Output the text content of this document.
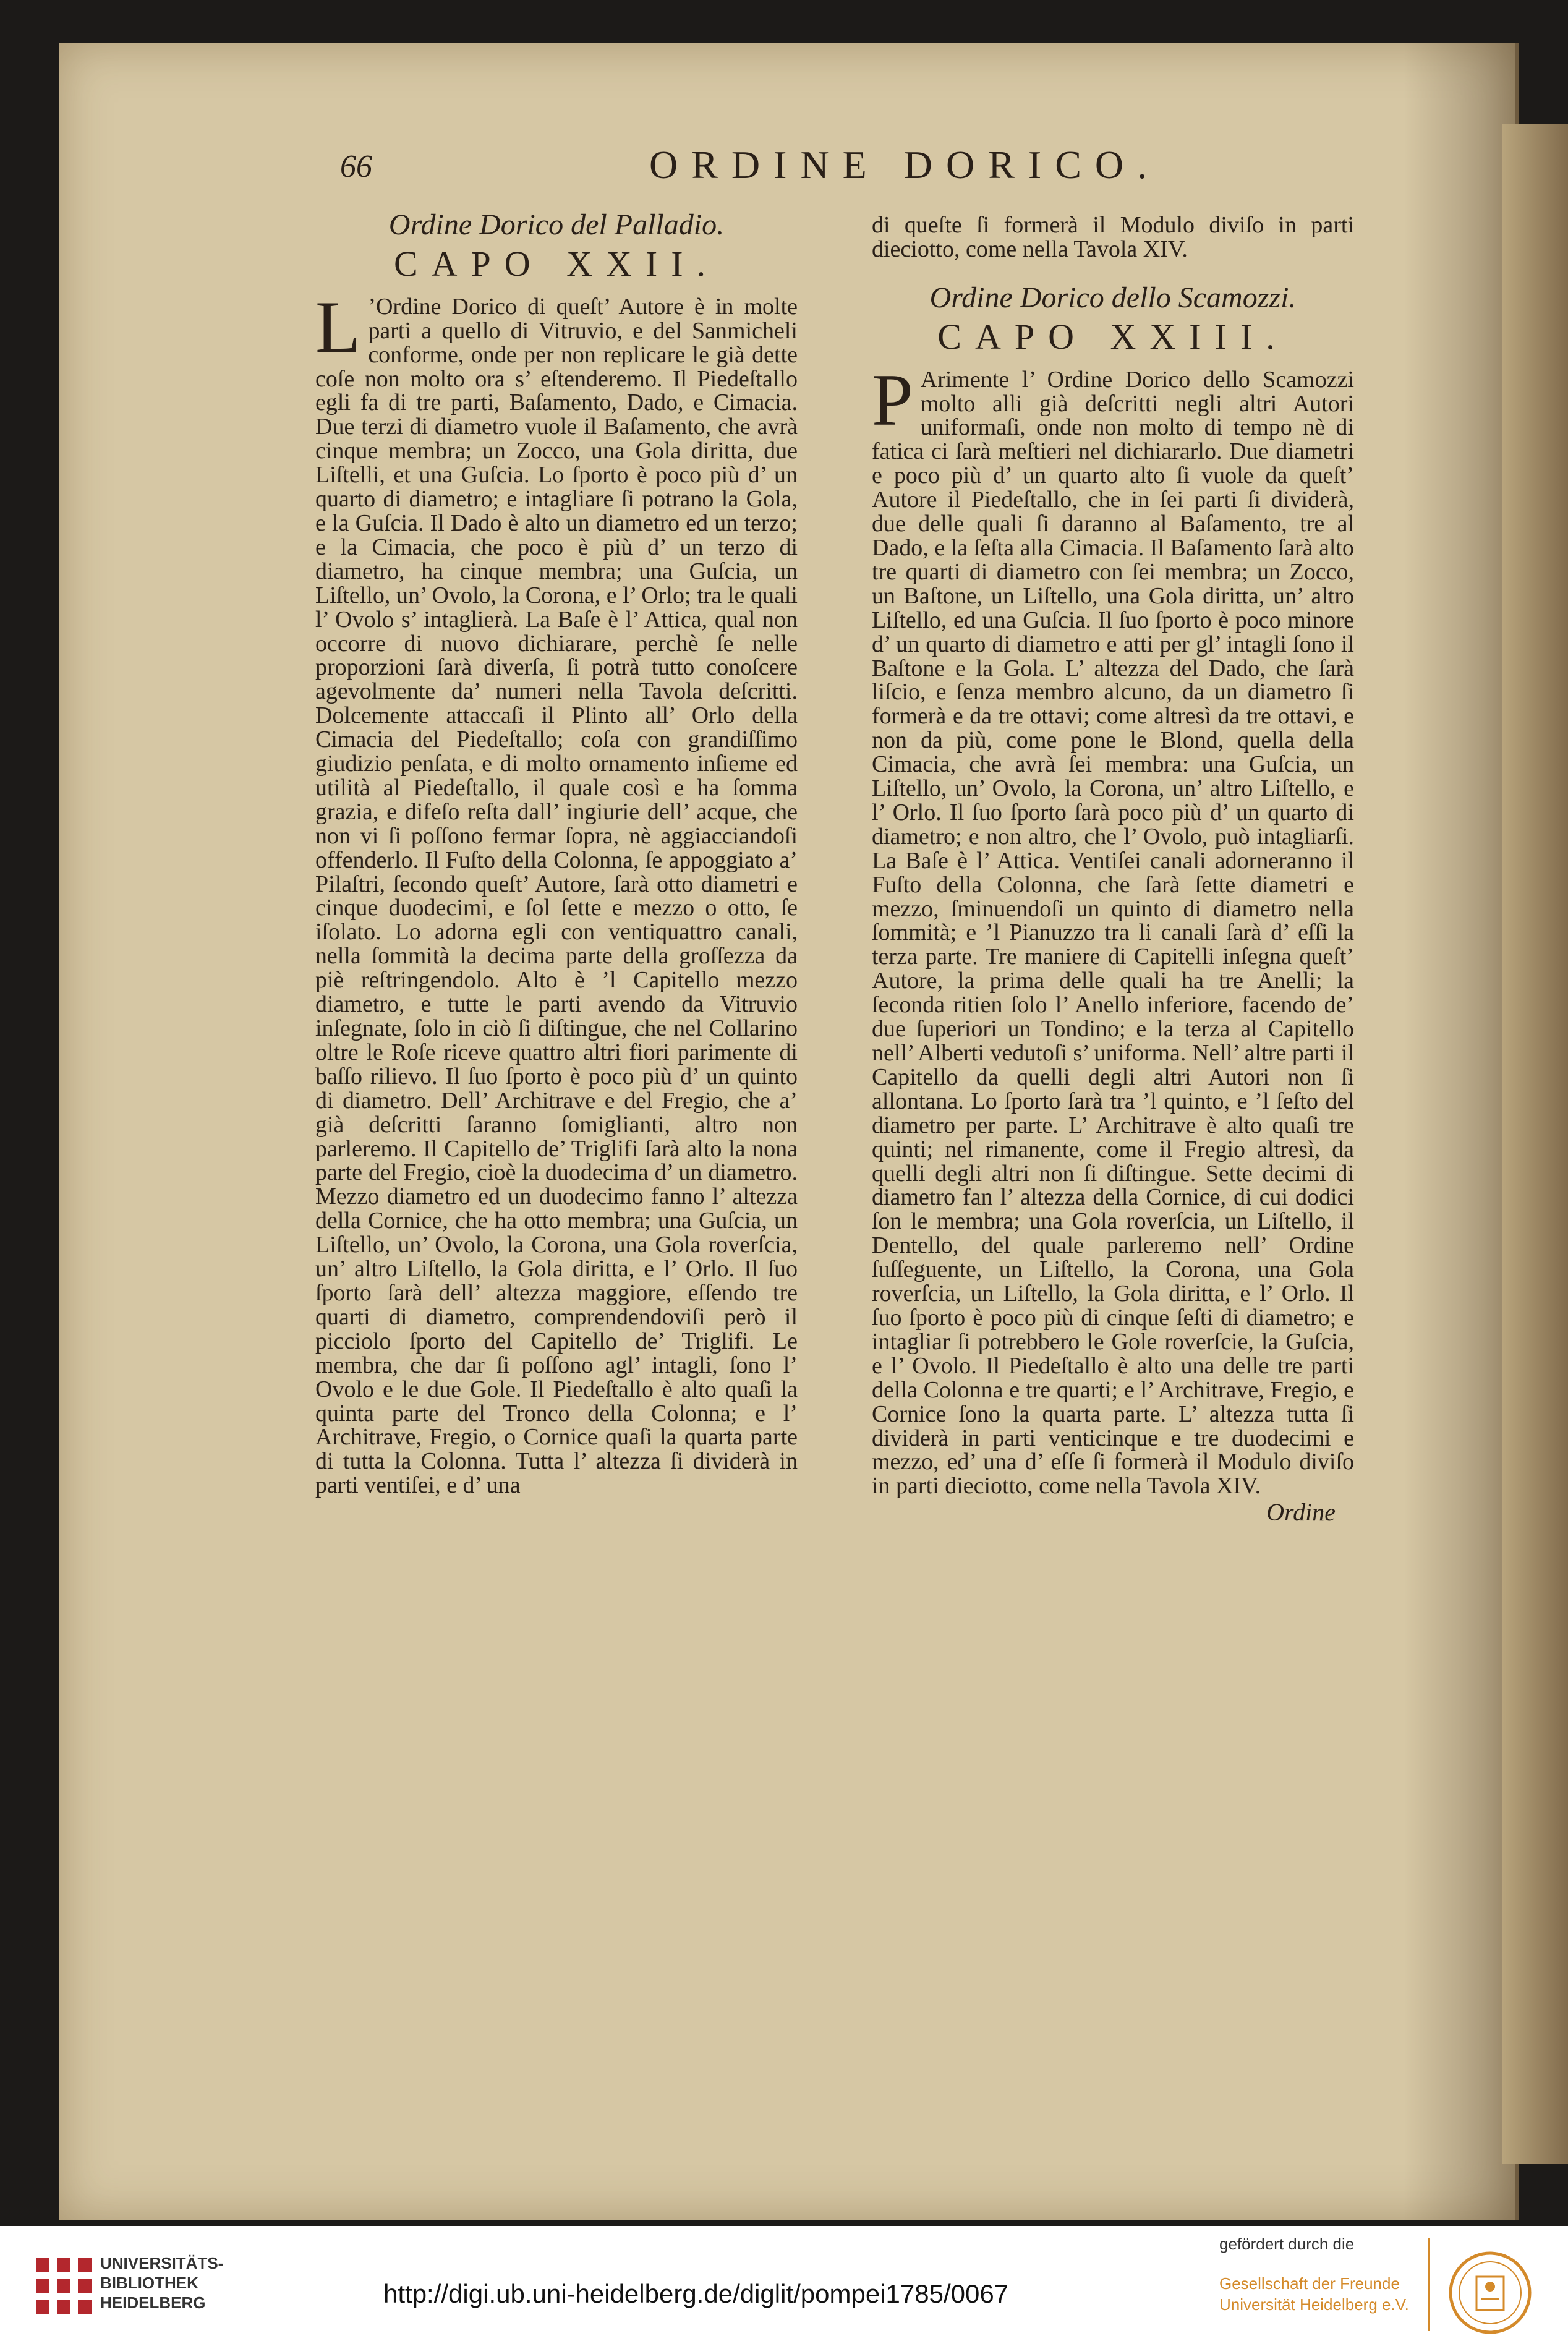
66	ORDINE DORICO.
Ordine Dorico del Palladio.
CAPO XXII.

L ’Ordine Dorico di queſt’ Autore è in molte parti a quello di Vitruvio, e del Sanmicheli conforme, onde per non replicare le già dette coſe non molto ora s’ eſtenderemo. Il Piedeſtallo egli fa di tre parti, Baſamento, Dado, e Cimacia. Due terzi di diametro vuole il Baſamento, che avrà cinque membra; un Zocco, una Gola diritta, due Liſtelli, et una Guſcia. Lo ſporto è poco più d’ un quarto di diametro; e intagliare ſi potrano la Gola, e la Guſcia. Il Dado è alto un diametro ed un terzo; e la Cimacia, che poco è più d’ un terzo di diametro, ha cinque membra; una Guſcia, un Liſtello, un’ Ovolo, la Corona, e l’ Orlo; tra le quali l’ Ovolo s’ intaglierà. La Baſe è l’ Attica, qual non occorre di nuovo dichiarare, perchè ſe nelle proporzioni ſarà diverſa, ſi potrà tutto conoſcere agevolmente da’ numeri nella Tavola deſcritti. Dolcemente attaccaſi il Plinto all’ Orlo della Cimacia del Piedeſtallo; coſa con grandiſſimo giudizio penſata, e di molto ornamento inſieme ed utilità al Piedeſtallo, il quale così e ha ſomma grazia, e difeſo reſta dall’ ingiurie dell’ acque, che non vi ſi poſſono fermar ſopra, nè aggiacciandoſi offenderlo. Il Fuſto della Colonna, ſe appoggiato a’ Pilaſtri, ſecondo queſt’ Autore, ſarà otto diametri e cinque duodecimi, e ſol ſette e mezzo o otto, ſe iſolato. Lo adorna egli con ventiquattro canali, nella ſommità la decima parte della groſſezza da piè reſtringendolo. Alto è ’l Capitello mezzo diametro, e tutte le parti avendo da Vitruvio inſegnate, ſolo in ciò ſi diſtingue, che nel Collarino oltre le Roſe riceve quattro altri fiori parimente di baſſo rilievo. Il ſuo ſporto è poco più d’ un quinto di diametro. Dell’ Architrave e del Fregio, che a’ già deſcritti ſaranno ſomiglianti, altro non parleremo. Il Capitello de’ Triglifi ſarà alto la nona parte del Fregio, cioè la duodecima d’ un diametro. Mezzo diametro ed un duodecimo fanno l’ altezza della Cornice, che ha otto membra; una Guſcia, un Liſtello, un’ Ovolo, la Corona, una Gola roverſcia, un’ altro Liſtello, la Gola diritta, e l’ Orlo. Il ſuo ſporto ſarà dell’ altezza maggiore, eſſendo tre quarti di diametro, comprendendoviſi però il picciolo ſporto del Capitello de’ Triglifi. Le membra, che dar ſi poſſono agl’ intagli, ſono l’ Ovolo e le due Gole. Il Piedeſtallo è alto quaſi la quinta parte del Tronco della Colonna; e l’ Architrave, Fregio, o Cornice quaſi la quarta parte di tutta la Colonna. Tutta l’ altezza ſi dividerà in parti ventiſei, e d’ una

di queſte ſi formerà il Modulo diviſo in parti dieciotto, come nella Tavola XIV.

Ordine Dorico dello Scamozzi.
CAPO XXIII.

P Arimente l’ Ordine Dorico dello Scamozzi molto alli già deſcritti negli altri Autori uniformaſi, onde non molto di tempo nè di fatica ci ſarà meſtieri nel dichiararlo. Due diametri e poco più d’ un quarto alto ſi vuole da queſt’ Autore il Piedeſtallo, che in ſei parti ſi dividerà, due delle quali ſi daranno al Baſamento, tre al Dado, e la ſeſta alla Cimacia. Il Baſamento ſarà alto tre quarti di diametro con ſei membra; un Zocco, un Baſtone, un Liſtello, una Gola diritta, un’ altro Liſtello, ed una Guſcia. Il ſuo ſporto è poco minore d’ un quarto di diametro e atti per gl’ intagli ſono il Baſtone e la Gola. L’ altezza del Dado, che ſarà liſcio, e ſenza membro alcuno, da un diametro ſi formerà e da tre ottavi; come altresì da tre ottavi, e non da più, come pone le Blond, quella della Cimacia, che avrà ſei membra: una Guſcia, un Liſtello, un’ Ovolo, la Corona, un’ altro Liſtello, e l’ Orlo. Il ſuo ſporto ſarà poco più d’ un quarto di diametro; e non altro, che l’ Ovolo, può intagliarſi. La Baſe è l’ Attica. Ventiſei canali adorneranno il Fuſto della Colonna, che ſarà ſette diametri e mezzo, ſminuendoſi un quinto di diametro nella ſommità; e ’l Pianuzzo tra li canali ſarà d’ eſſi la terza parte. Tre maniere di Capitelli inſegna queſt’ Autore, la prima delle quali ha tre Anelli; la ſeconda ritien ſolo l’ Anello inferiore, facendo de’ due ſuperiori un Tondino; e la terza al Capitello nell’ Alberti vedutoſi s’ uniforma. Nell’ altre parti il Capitello da quelli degli altri Autori non ſi allontana. Lo ſporto ſarà tra ’l quinto, e ’l ſeſto del diametro per parte. L’ Architrave è alto quaſi tre quinti; nel rimanente, come il Fregio altresì, da quelli degli altri non ſi diſtingue. Sette decimi di diametro fan l’ altezza della Cornice, di cui dodici ſon le membra; una Gola roverſcia, un Liſtello, il Dentello, del quale parleremo nell’ Ordine ſuſſeguente, un Liſtello, la Corona, una Gola roverſcia, un Liſtello, la Gola diritta, e l’ Orlo. Il ſuo ſporto è poco più di cinque ſeſti di diametro; e intagliar ſi potrebbero le Gole roverſcie, la Guſcia, e l’ Ovolo. Il Piedeſtallo è alto una delle tre parti della Colonna e tre quarti; e l’ Architrave, Fregio, e Cornice ſono la quarta parte. L’ altezza tutta ſi dividerà in parti venticinque e tre duodecimi e mezzo, ed’ una d’ eſſe ſi formerà il Modulo diviſo in parti dieciotto, come nella Tavola XIV.

Ordine
UNIVERSITÄTS-
BIBLIOTHEK
HEIDELBERG	http://digi.ub.uni-heidelberg.de/diglit/pompei1785/0067
gefördert durch die
Gesellschaft der Freunde
Universität Heidelberg e.V.
